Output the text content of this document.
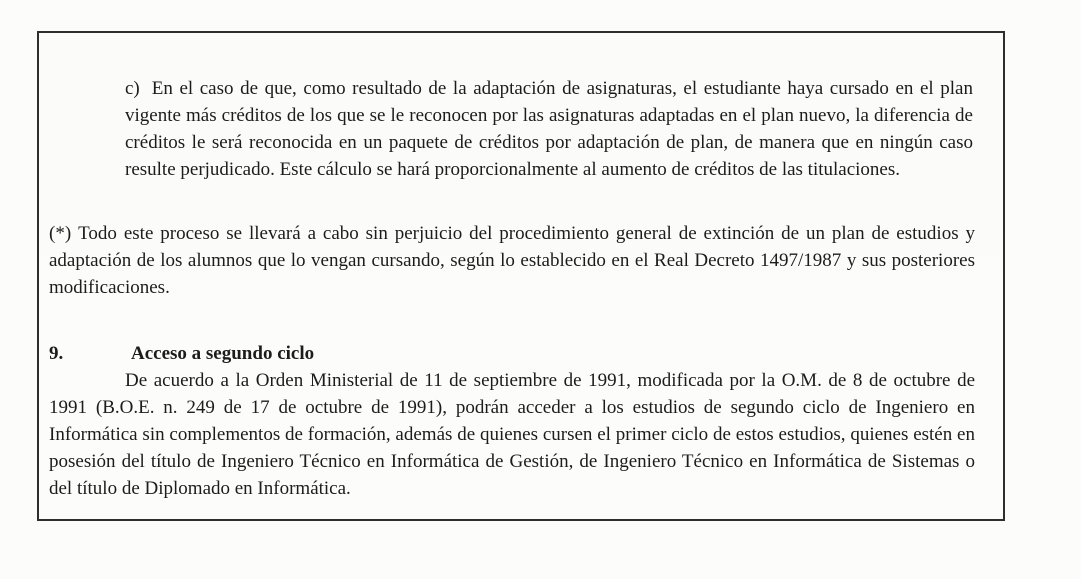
c) En el caso de que, como resultado de la adaptación de asignaturas, el estudiante haya cursado en el plan vigente más créditos de los que se le reconocen por las asignaturas adaptadas en el plan nuevo, la diferencia de créditos le será reconocida en un paquete de créditos por adaptación de plan, de manera que en ningún caso resulte perjudicado. Este cálculo se hará proporcionalmente al aumento de créditos de las titulaciones.

(*) Todo este proceso se llevará a cabo sin perjuicio del procedimiento general de extinción de un plan de estudios y adaptación de los alumnos que lo vengan cursando, según lo establecido en el Real Decreto 1497/1987 y sus posteriores modificaciones.

9.	Acceso a segundo ciclo

De acuerdo a la Orden Ministerial de 11 de septiembre de 1991, modificada por la O.M. de 8 de octubre de 1991 (B.O.E. n. 249 de 17 de octubre de 1991), podrán acceder a los estudios de segundo ciclo de Ingeniero en Informática sin complementos de formación, además de quienes cursen el primer ciclo de estos estudios, quienes estén en posesión del título de Ingeniero Técnico en Informática de Gestión, de Ingeniero Técnico en Informática de Sistemas o del título de Diplomado en Informática.
